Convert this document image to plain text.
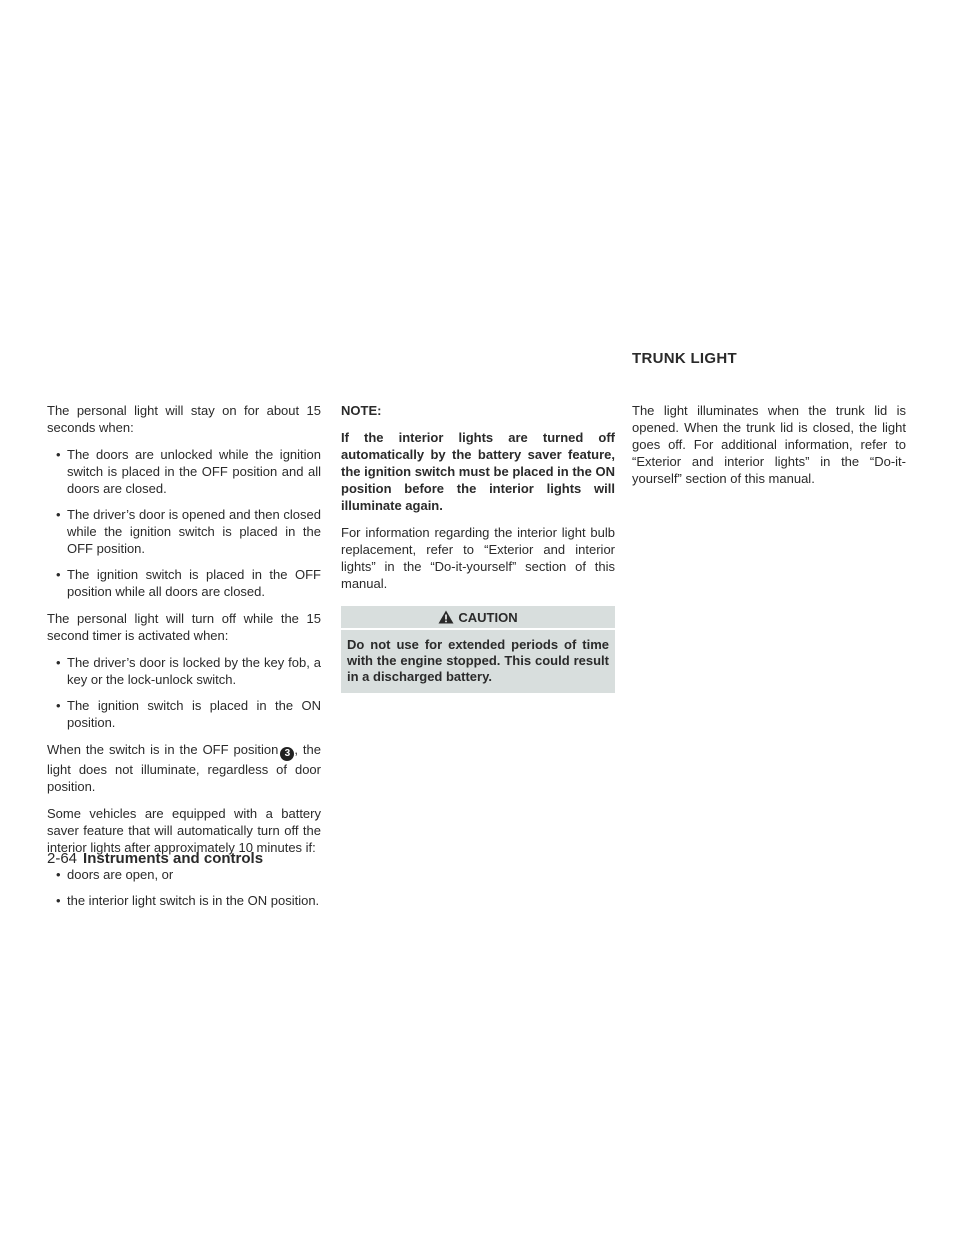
TRUNK LIGHT

The personal light will stay on for about 15 seconds when:

• The doors are unlocked while the ignition switch is placed in the OFF position and all doors are closed.
• The driver’s door is opened and then closed while the ignition switch is placed in the OFF position.
• The ignition switch is placed in the OFF position while all doors are closed.

The personal light will turn off while the 15 second timer is activated when:

• The driver’s door is locked by the key fob, a key or the lock-unlock switch.
• The ignition switch is placed in the ON position.

When the switch is in the OFF position 3 , the light does not illuminate, regardless of door position.

Some vehicles are equipped with a battery saver feature that will automatically turn off the interior lights after approximately 10 minutes if:

• doors are open, or
• the interior light switch is in the ON position.

NOTE:

If the interior lights are turned off automatically by the battery saver feature, the ignition switch must be placed in the ON position before the interior lights will illuminate again.

For information regarding the interior light bulb replacement, refer to “Exterior and interior lights” in the “Do-it-yourself” section of this manual.

CAUTION
Do not use for extended periods of time with the engine stopped. This could result in a discharged battery.

The light illuminates when the trunk lid is opened. When the trunk lid is closed, the light goes off. For additional information, refer to “Exterior and interior lights” in the “Do-it-yourself” section of this manual.

2-64 Instruments and controls
